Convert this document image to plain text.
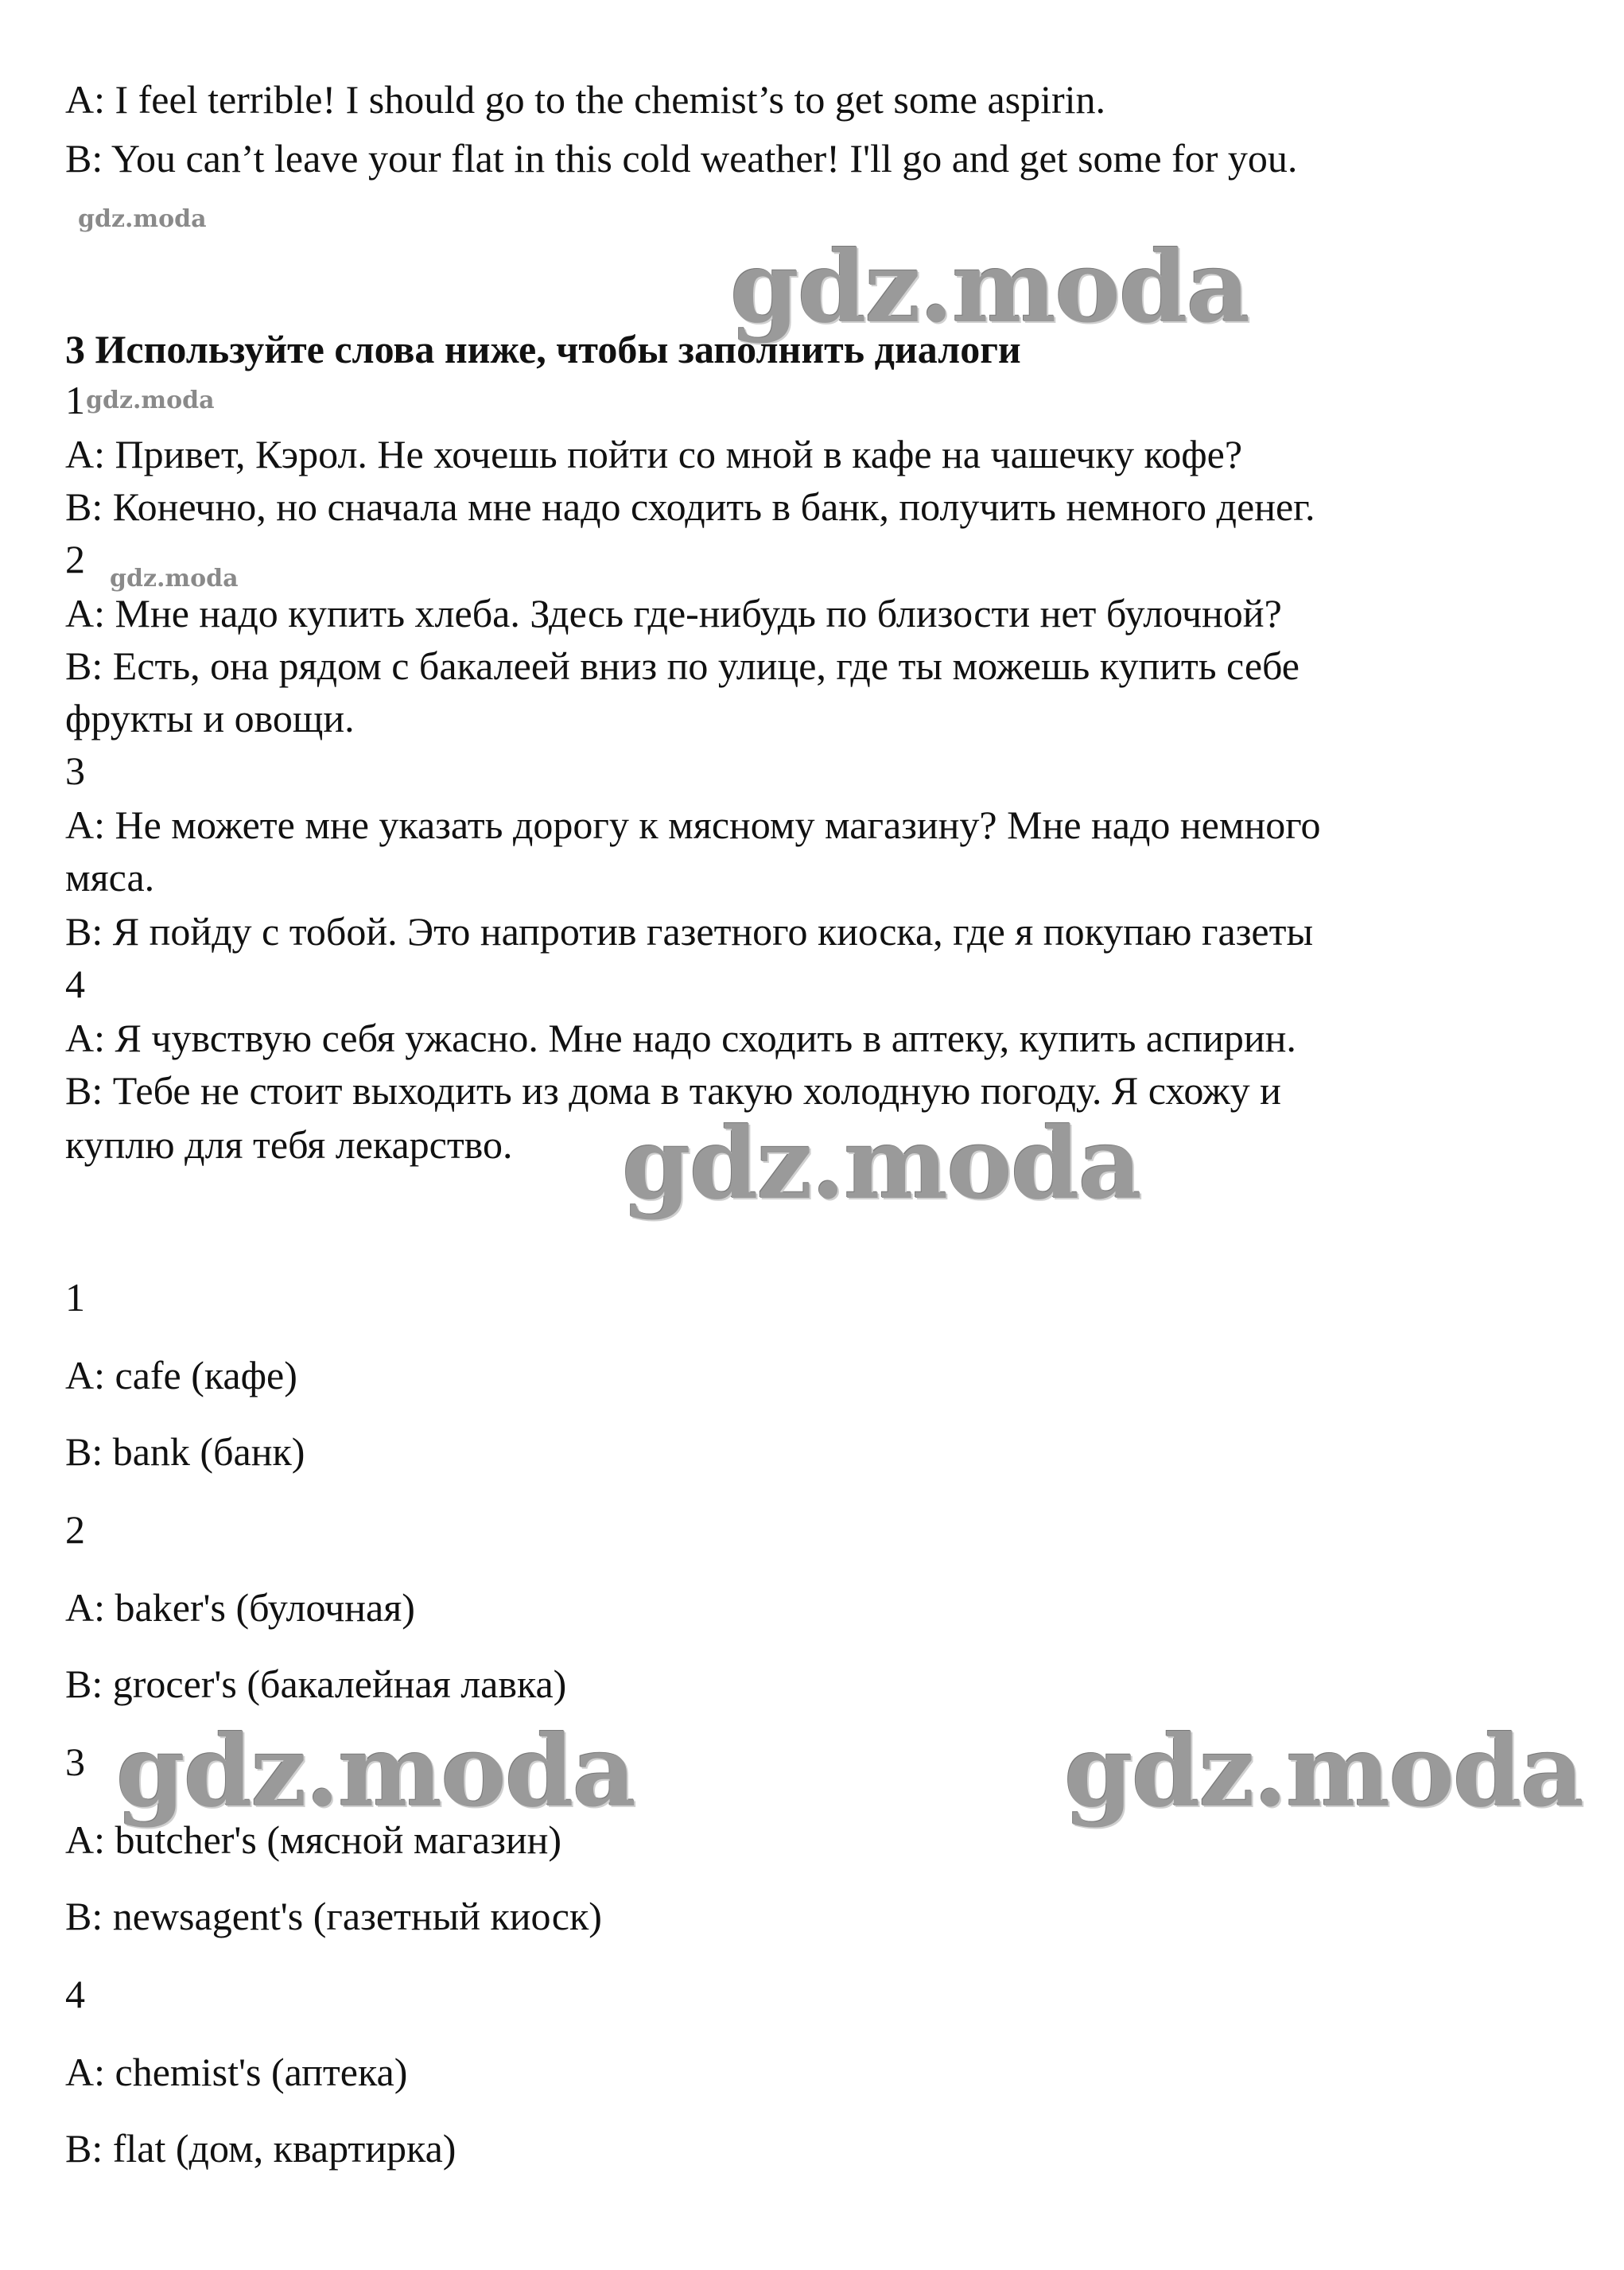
A: I feel terrible! I should go to the chemist’s to get some aspirin.
B: You can’t leave your flat in this cold weather! I'll go and get some for you.
gdz.moda
gdz.moda
3 Используйте слова ниже, чтобы заполнить диалоги
1 gdz.moda
A: Привет, Кэрол. Не хочешь пойти со мной в кафе на чашечку кофе?
B: Конечно, но сначала мне надо сходить в банк, получить немного денег.
2 gdz.moda
A: Мне надо купить хлеба. Здесь где-нибудь по близости нет булочной?
B: Есть, она рядом с бакалеей вниз по улице, где ты можешь купить себе
фрукты и овощи.
3
A: Не можете мне указать дорогу к мясному магазину? Мне надо немного
мяса.
B: Я пойду с тобой. Это напротив газетного киоска, где я покупаю газеты
4
A: Я чувствую себя ужасно. Мне надо сходить в аптеку, купить аспирин.
B: Тебе не стоит выходить из дома в такую холодную погоду. Я схожу и
куплю для тебя лекарство. gdz.moda
1
A: cafe (кафе)
B: bank (банк)
2
A: baker's (булочная)
B: grocer's (бакалейная лавка)
3 gdz.moda	gdz.moda
A: butcher's (мясной магазин)
B: newsagent's (газетный киоск)
4
A: chemist's (аптека)
B: flat (дом, квартирка)
